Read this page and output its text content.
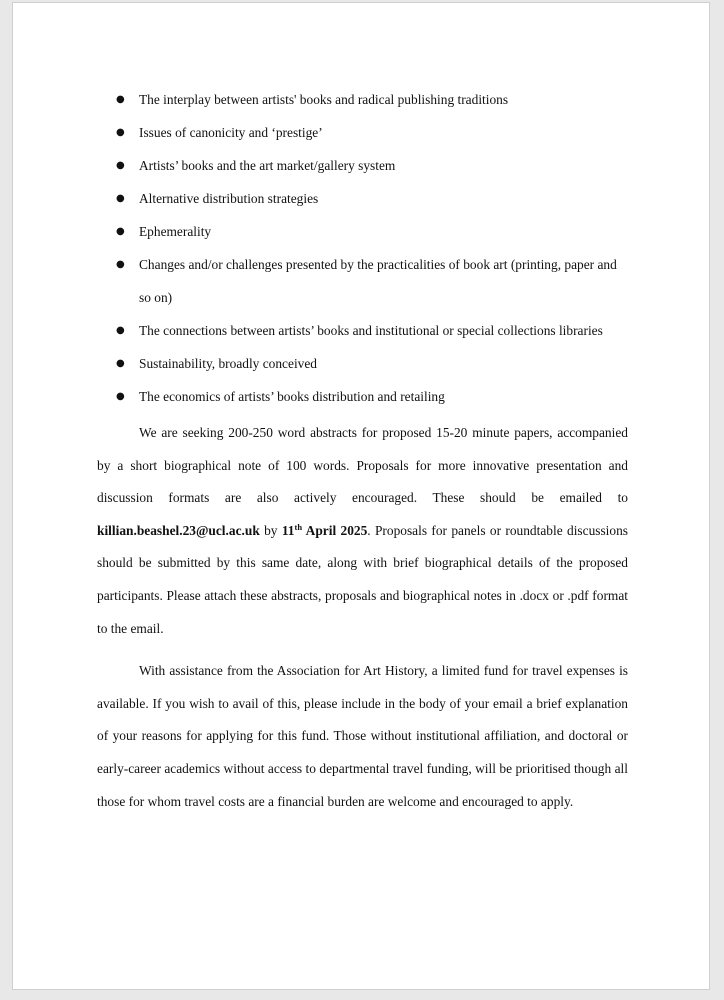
● The interplay between artists' books and radical publishing traditions
● Issues of canonicity and ‘prestige’
● Artists’ books and the art market/gallery system
● Alternative distribution strategies
● Ephemerality
● Changes and/or challenges presented by the practicalities of book art (printing, paper and so on)
● The connections between artists’ books and institutional or special collections libraries
● Sustainability, broadly conceived
● The economics of artists’ books distribution and retailing

We are seeking 200-250 word abstracts for proposed 15-20 minute papers, accompanied by a short biographical note of 100 words. Proposals for more innovative presentation and discussion formats are also actively encouraged. These should be emailed to killian.beashel.23@ucl.ac.uk by 11th April 2025. Proposals for panels or roundtable discussions should be submitted by this same date, along with brief biographical details of the proposed participants. Please attach these abstracts, proposals and biographical notes in .docx or .pdf format to the email.

With assistance from the Association for Art History, a limited fund for travel expenses is available. If you wish to avail of this, please include in the body of your email a brief explanation of your reasons for applying for this fund. Those without institutional affiliation, and doctoral or early-career academics without access to departmental travel funding, will be prioritised though all those for whom travel costs are a financial burden are welcome and encouraged to apply.
